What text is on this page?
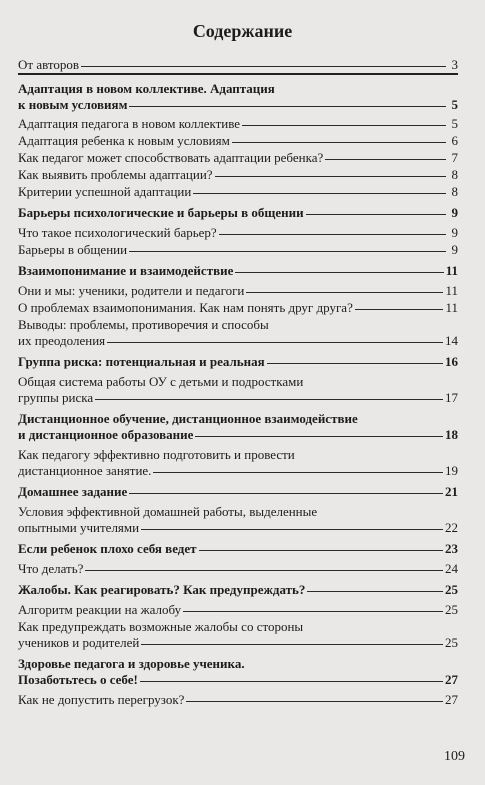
Содержание
От авторов	3
Адаптация в новом коллективе. Адаптация
к новым условиям	5
Адаптация педагога в новом коллективе	5
Адаптация ребенка к новым условиям	6
Как педагог может способствовать адаптации ребенка?	7
Как выявить проблемы адаптации?	8
Критерии успешной адаптации	8
Барьеры психологические и барьеры в общении	9
Что такое психологический барьер?	9
Барьеры в общении	9
Взаимопонимание и взаимодействие	11
Они и мы: ученики, родители и педагоги	11
О проблемах взаимопонимания. Как нам понять друг друга?	11
Выводы: проблемы, противоречия и способы
их преодоления	14
Группа риска: потенциальная и реальная	16
Общая система работы ОУ с детьми и подростками
группы риска	17
Дистанционное обучение, дистанционное взаимодействие
и дистанционное образование	18
Как педагогу эффективно подготовить и провести
дистанционное занятие.	19
Домашнее задание	21
Условия эффективной домашней работы, выделенные
опытными учителями	22
Если ребенок плохо себя ведет	23
Что делать?	24
Жалобы. Как реагировать? Как предупреждать?	25
Алгоритм реакции на жалобу	25
Как предупреждать возможные жалобы со стороны
учеников и родителей	25
Здоровье педагога и здоровье ученика.
Позаботьтесь о себе!	27
Как не допустить перегрузок?	27
109
